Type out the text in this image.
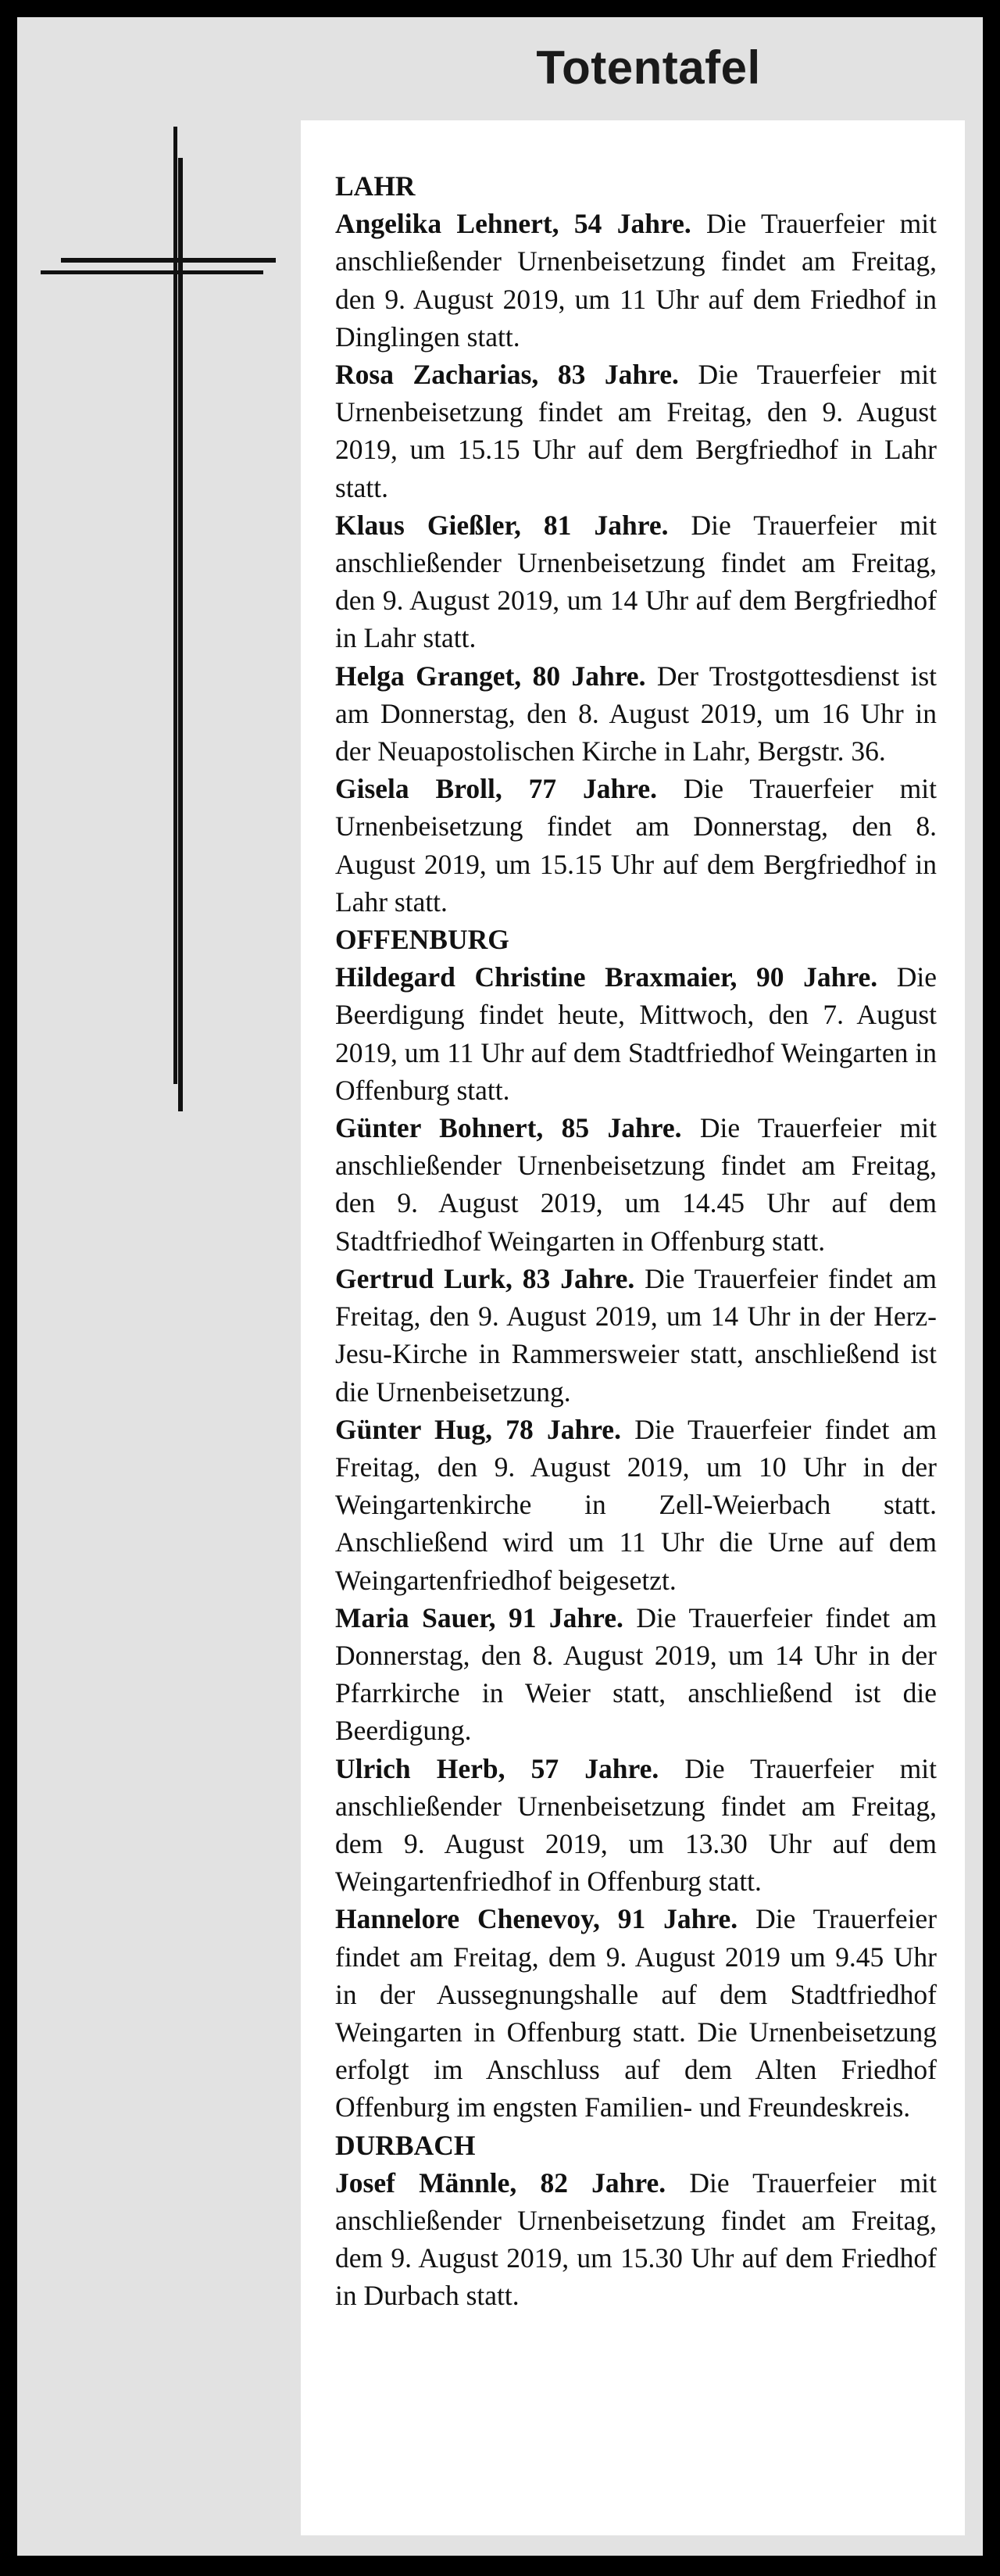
Totentafel
LAHR
Angelika Lehnert, 54 Jahre. Die Trauerfeier mit anschließender Urnenbeisetzung findet am Freitag, den 9. August 2019, um 11 Uhr auf dem Friedhof in Dinglingen statt.
Rosa Zacharias, 83 Jahre. Die Trauerfeier mit Urnenbeisetzung findet am Freitag, den 9. August 2019, um 15.15 Uhr auf dem Bergfriedhof in Lahr statt.
Klaus Gießler, 81 Jahre. Die Trauerfeier mit anschließender Urnenbeisetzung findet am Freitag, den 9. August 2019, um 14 Uhr auf dem Bergfriedhof in Lahr statt.
Helga Granget, 80 Jahre. Der Trostgottesdienst ist am Donnerstag, den 8. August 2019, um 16 Uhr in der Neuapostolischen Kirche in Lahr, Bergstr. 36.
Gisela Broll, 77 Jahre. Die Trauerfeier mit Urnenbeisetzung findet am Donnerstag, den 8. August 2019, um 15.15 Uhr auf dem Bergfriedhof in Lahr statt.
OFFENBURG
Hildegard Christine Braxmaier, 90 Jahre. Die Beerdigung findet heute, Mittwoch, den 7. August 2019, um 11 Uhr auf dem Stadtfriedhof Weingarten in Offenburg statt.
Günter Bohnert, 85 Jahre. Die Trauerfeier mit anschließender Urnenbeisetzung findet am Freitag, den 9. August 2019, um 14.45 Uhr auf dem Stadtfriedhof Weingarten in Offenburg statt.
Gertrud Lurk, 83 Jahre. Die Trauerfeier findet am Freitag, den 9. August 2019, um 14 Uhr in der Herz-Jesu-Kirche in Rammersweier statt, anschließend ist die Urnenbeisetzung.
Günter Hug, 78 Jahre. Die Trauerfeier findet am Freitag, den 9. August 2019, um 10 Uhr in der Weingartenkirche in Zell-Weierbach statt. Anschließend wird um 11 Uhr die Urne auf dem Weingartenfriedhof beigesetzt.
Maria Sauer, 91 Jahre. Die Trauerfeier findet am Donnerstag, den 8. August 2019, um 14 Uhr in der Pfarrkirche in Weier statt, anschließend ist die Beerdigung.
Ulrich Herb, 57 Jahre. Die Trauerfeier mit anschließender Urnenbeisetzung findet am Freitag, dem 9. August 2019, um 13.30 Uhr auf dem Weingartenfriedhof in Offenburg statt.
Hannelore Chenevoy, 91 Jahre. Die Trauerfeier findet am Freitag, dem 9. August 2019 um 9.45 Uhr in der Aussegnungshalle auf dem Stadtfriedhof Weingarten in Offenburg statt. Die Urnenbeisetzung erfolgt im Anschluss auf dem Alten Friedhof Offenburg im engsten Familien- und Freundeskreis.
DURBACH
Josef Männle, 82 Jahre. Die Trauerfeier mit anschließender Urnenbeisetzung findet am Freitag, dem 9. August 2019, um 15.30 Uhr auf dem Friedhof in Durbach statt.
